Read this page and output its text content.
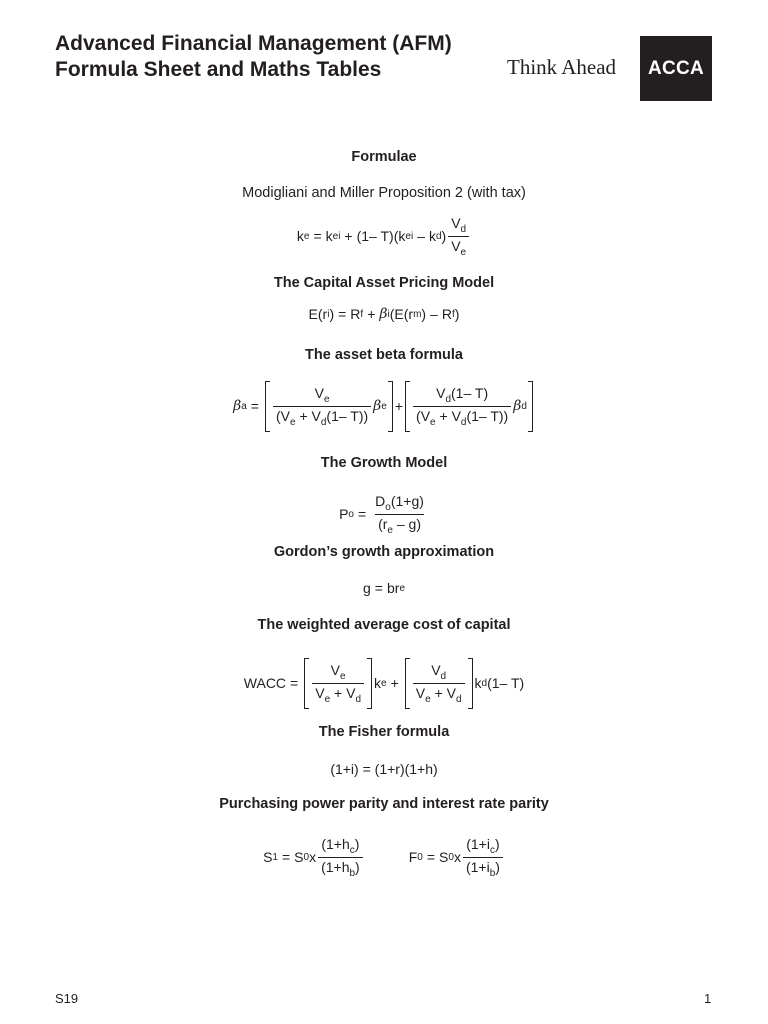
Advanced Financial Management (AFM)
Formula Sheet and Maths Tables	Think Ahead	ACCA
Formulae
Modigliani and Miller Proposition 2 (with tax)
k e = k e i + (1– T) ( k e i – k d ) $\frac{V_d}{V_e}$
The Capital Asset Pricing Model
E ( r i ) = R f + β i ( E ( r m ) – R f )
The asset beta formula
β $a = \frac{V_e}{(V_e + V_d(1- T))}$ β $e + \frac{V_d(1- T)}{(V_e + V_d(1- T))}$ β d
The Growth Model
P $o = \frac{D_o(1+g)}{(r_e - g)}$
Gordon’s growth approximation
g = b r e
The weighted average cost of capital
WACC = $\frac{V_e}{V_e + V_d}$ k $e + \frac{V_d}{V_e + V_d}$ k d (1– T)
The Fisher formula
(1+i) = (1+r)(1+h)
Purchasing power parity and interest rate parity
S 1 = S 0 x $\frac{(1+h_c)}{(1+h_b)}$	F 0 = S 0 x $\frac{(1+i_c)}{(1+i_b)}$
S19	1
